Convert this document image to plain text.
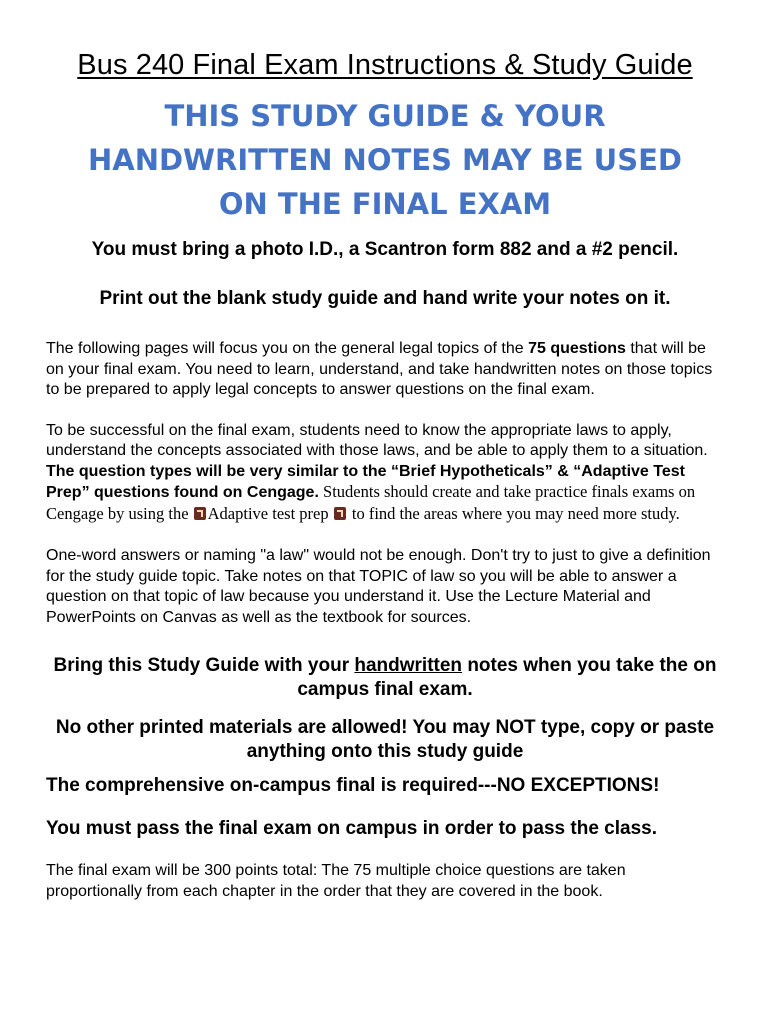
Bus 240 Final Exam Instructions & Study Guide
THIS STUDY GUIDE & YOUR
HANDWRITTEN NOTES MAY BE USED
ON THE FINAL EXAM

You must bring a photo I.D., a Scantron form 882 and a #2 pencil.

Print out the blank study guide and hand write your notes on it.

The following pages will focus you on the general legal topics of the 75 questions that will be on your final exam. You need to learn, understand, and take handwritten notes on those topics to be prepared to apply legal concepts to answer questions on the final exam.

To be successful on the final exam, students need to know the appropriate laws to apply, understand the concepts associated with those laws, and be able to apply them to a situation. The question types will be very similar to the “Brief Hypotheticals” & “Adaptive Test Prep” questions found on Cengage. Students should create and take practice finals exams on Cengage by using the Adaptive test prep  to find the areas where you may need more study.

One-word answers or naming "a law" would not be enough. Don't try to just to give a definition for the study guide topic. Take notes on that TOPIC of law so you will be able to answer a question on that topic of law because you understand it. Use the Lecture Material and PowerPoints on Canvas as well as the textbook for sources.

Bring this Study Guide with your handwritten notes when you take the on campus final exam.

No other printed materials are allowed! You may NOT type, copy or paste anything onto this study guide

The comprehensive on-campus final is required---NO EXCEPTIONS!

You must pass the final exam on campus in order to pass the class.

The final exam will be 300 points total: The 75 multiple choice questions are taken proportionally from each chapter in the order that they are covered in the book.
